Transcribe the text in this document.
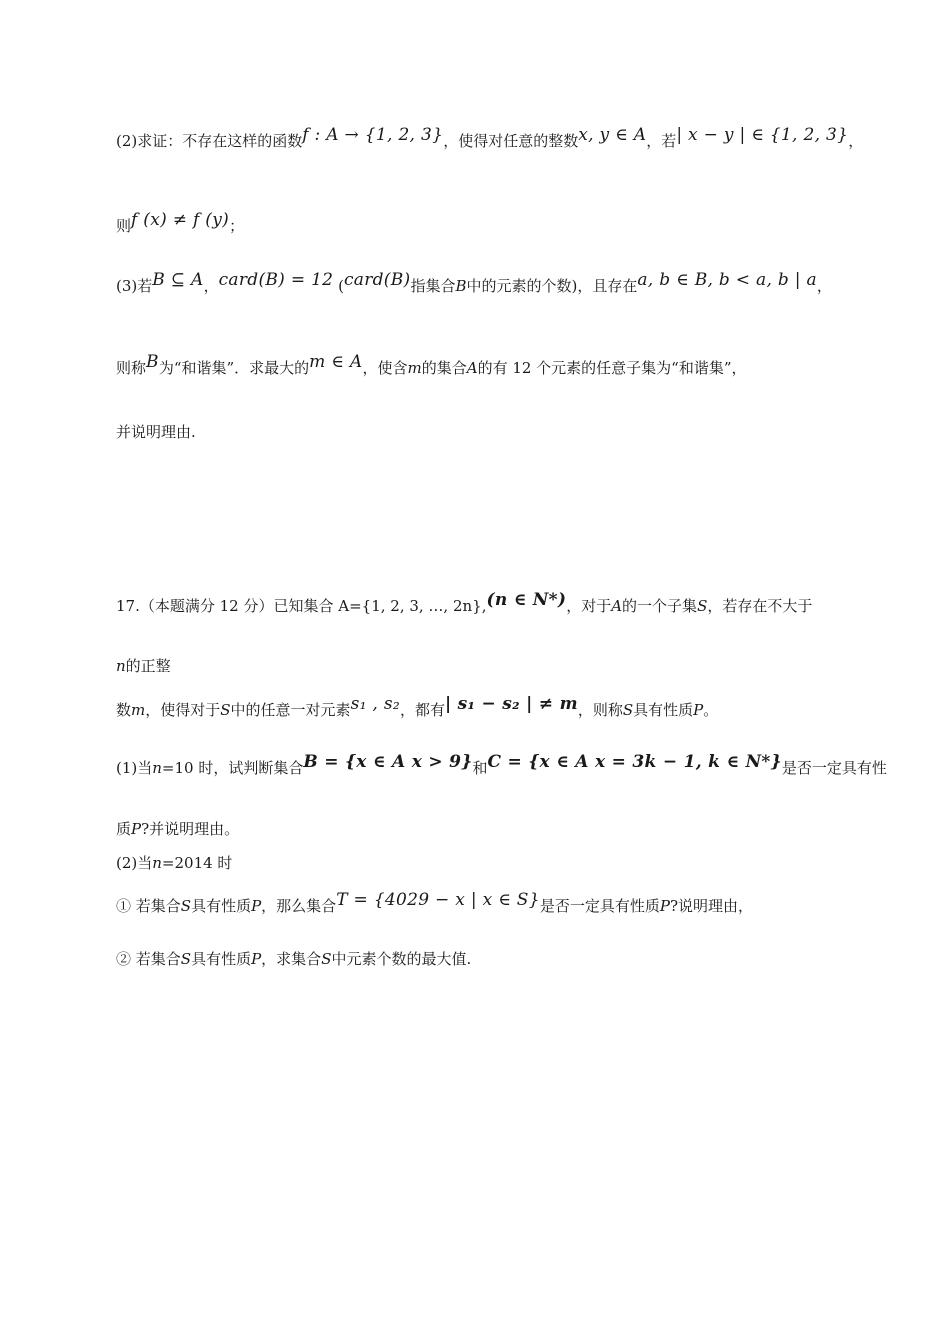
(2)求证：不存在这样的函数f : A → {1, 2, 3}，使得对任意的整数x, y ∈ A，若| x − y | ∈ {1, 2, 3}，
则f (x) ≠ f (y)；
(3)若B ⊆ A，card(B) = 12 (card(B)指集合B中的元素的个数)，且存在a, b ∈ B, b < a, b | a，
则称B为“和谐集”．求最大的m ∈ A，使含m的集合A的有 12 个元素的任意子集为“和谐集”，
并说明理由.
17.（本题满分 12 分）已知集合 A={1, 2, 3, …, 2n},(n ∈ N*)，对于A的一个子集S，若存在不大于
n的正整
数m，使得对于S中的任意一对元素s₁ , s₂，都有| s₁ − s₂ | ≠ m，则称S具有性质P。
(1)当n=10 时，试判断集合B = {x ∈ A x > 9}和C = {x ∈ A x = 3k − 1, k ∈ N*}是否一定具有性
质P?并说明理由。
(2)当n=2014 时
① 若集合S具有性质P，那么集合T = {4029 − x | x ∈ S}是否一定具有性质P?说明理由，
② 若集合S具有性质P，求集合S中元素个数的最大值.
